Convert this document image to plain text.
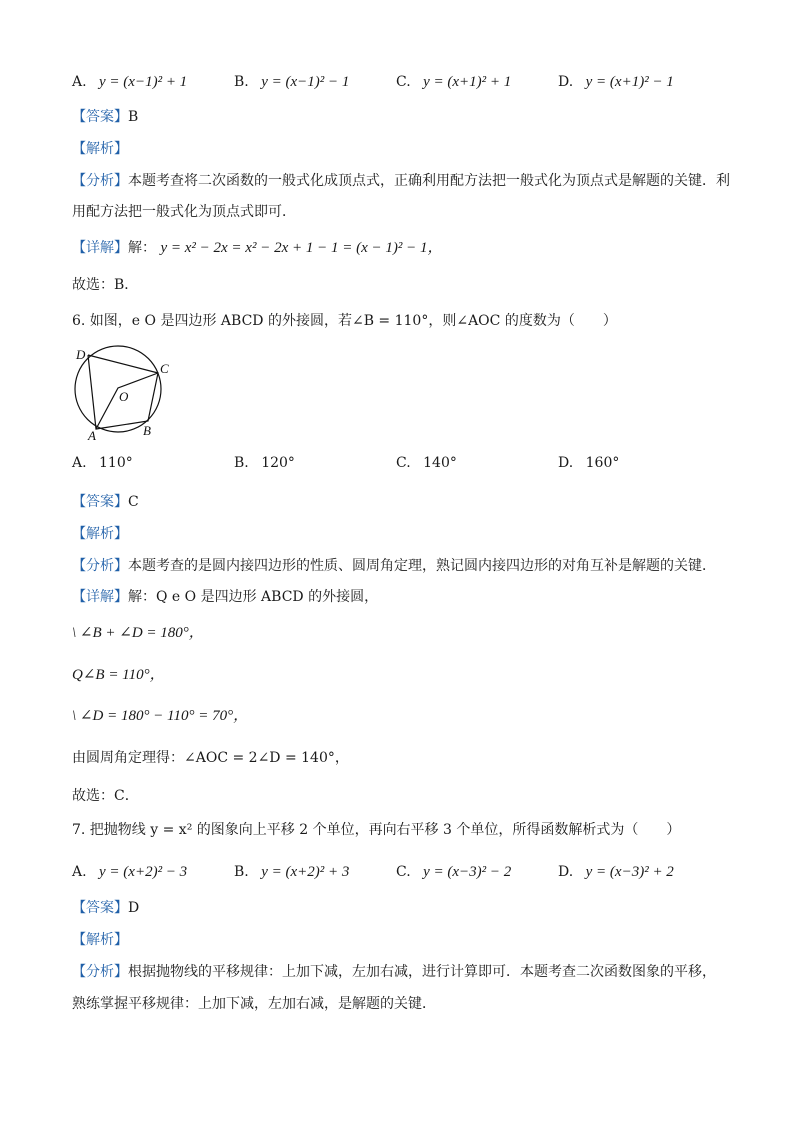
A. y = (x−1)² + 1	B. y = (x−1)² − 1	C. y = (x+1)² + 1	D. y = (x+1)² − 1
【答案】B
【解析】
【分析】本题考查将二次函数的一般式化成顶点式，正确利用配方法把一般式化为顶点式是解题的关键．利
用配方法把一般式化为顶点式即可．
【详解】解： y = x² − 2x = x² − 2x + 1 − 1 = (x − 1)² − 1，
故选：B．
6. 如图，e O 是四边形 ABCD 的外接圆，若∠B = 110°，则∠AOC 的度数为（　　）
D
C
O
A	B
A. 110°	B. 120°	C. 140°	D. 160°
【答案】C
【解析】
【分析】本题考查的是圆内接四边形的性质、圆周角定理，熟记圆内接四边形的对角互补是解题的关键．
【详解】解：Q e O 是四边形 ABCD 的外接圆，
\ ∠B + ∠D = 180°，
Q∠B = 110°，
\ ∠D = 180° − 110° = 70°，
由圆周角定理得：∠AOC = 2∠D = 140°，
故选：C．
7. 把抛物线 y = x² 的图象向上平移 2 个单位，再向右平移 3 个单位，所得函数解析式为（　　）
A. y = (x+2)² − 3	B. y = (x+2)² + 3	C. y = (x−3)² − 2	D. y = (x−3)² + 2
【答案】D
【解析】
【分析】根据抛物线的平移规律：上加下减，左加右减，进行计算即可．本题考查二次函数图象的平移，
熟练掌握平移规律：上加下减，左加右减，是解题的关键．
